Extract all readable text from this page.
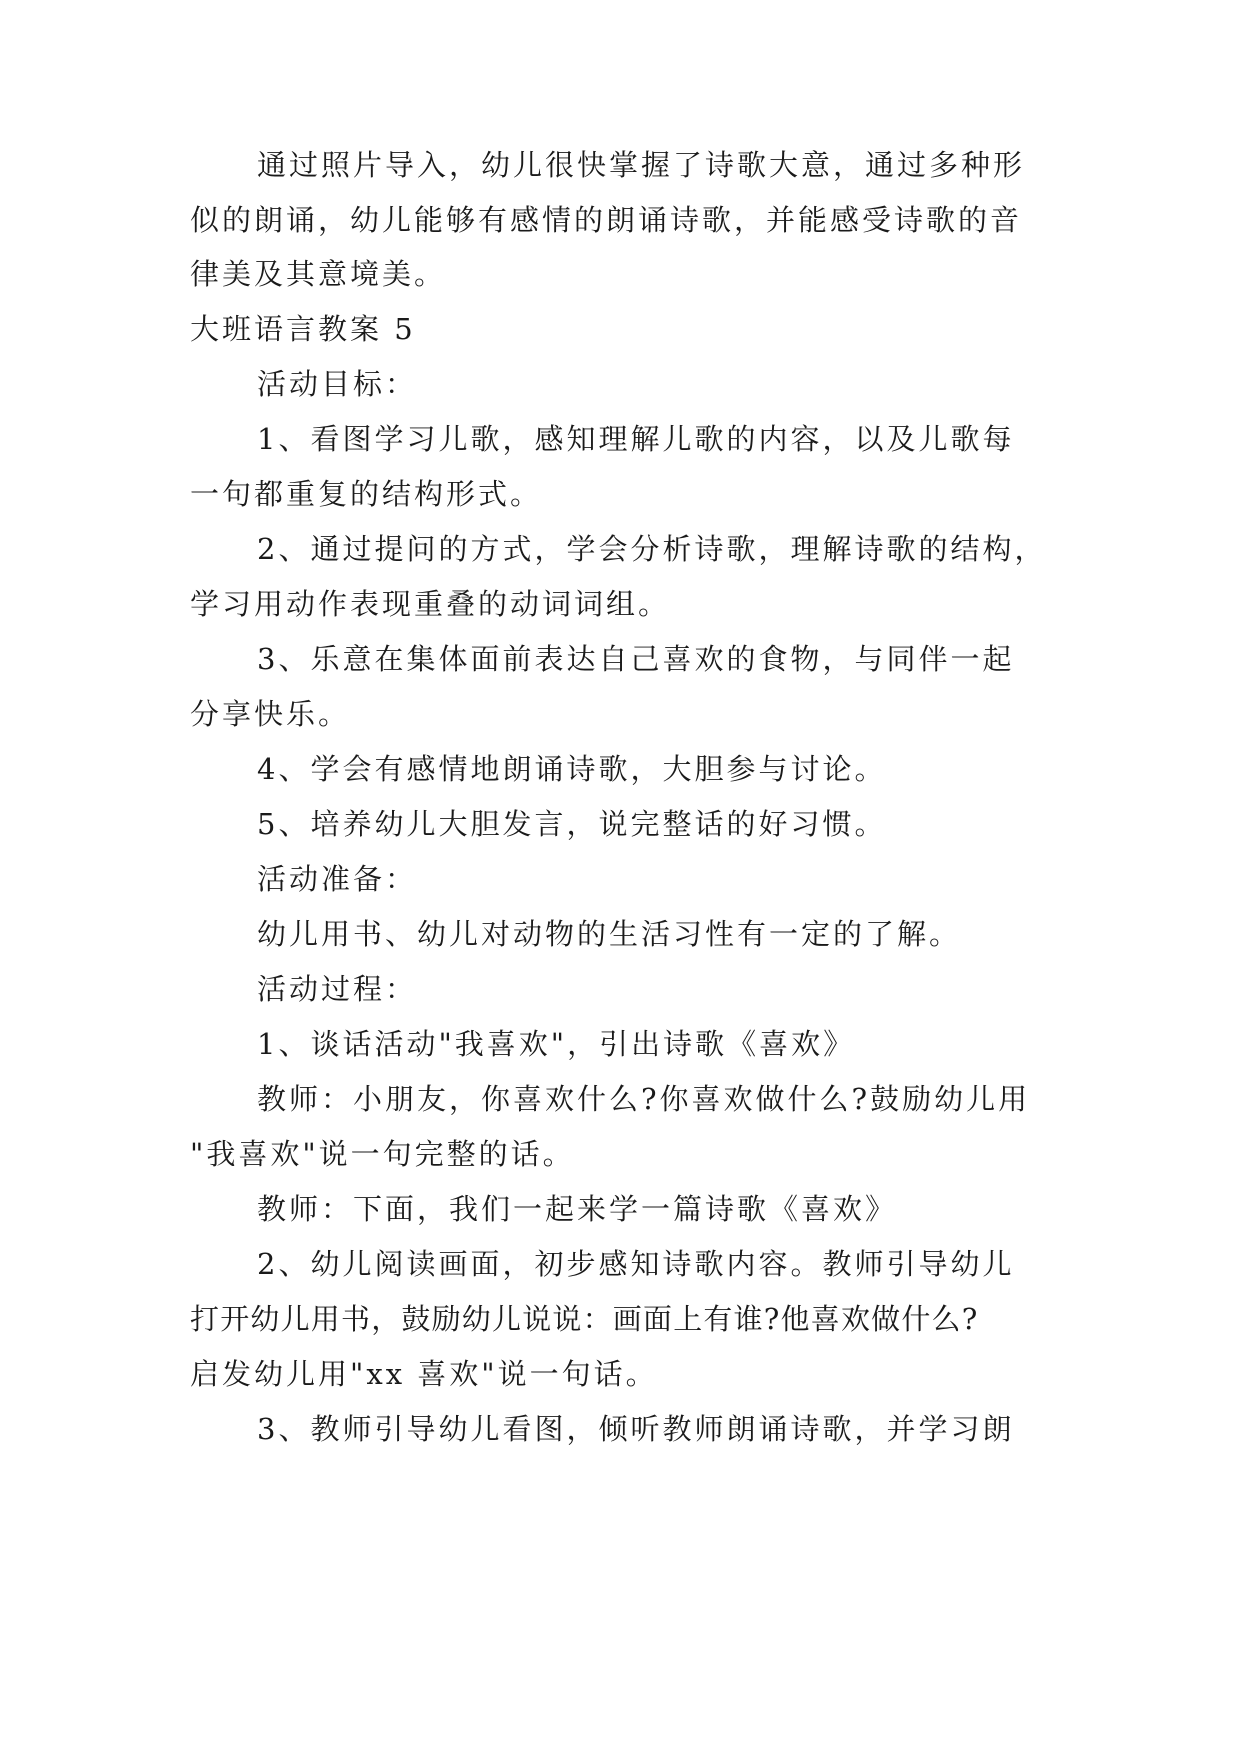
通过照片导入，幼儿很快掌握了诗歌大意，通过多种形
似的朗诵，幼儿能够有感情的朗诵诗歌，并能感受诗歌的音
律美及其意境美。
大班语言教案 5
活动目标：
1、看图学习儿歌，感知理解儿歌的内容，以及儿歌每
一句都重复的结构形式。
2、通过提问的方式，学会分析诗歌，理解诗歌的结构，
学习用动作表现重叠的动词词组。
3、乐意在集体面前表达自己喜欢的食物，与同伴一起
分享快乐。
4、学会有感情地朗诵诗歌，大胆参与讨论。
5、培养幼儿大胆发言，说完整话的好习惯。
活动准备：
幼儿用书、幼儿对动物的生活习性有一定的了解。
活动过程：
1、谈话活动"我喜欢"，引出诗歌《喜欢》
教师：小朋友，你喜欢什么?你喜欢做什么?鼓励幼儿用
"我喜欢"说一句完整的话。
教师：下面，我们一起来学一篇诗歌《喜欢》
2、幼儿阅读画面，初步感知诗歌内容。教师引导幼儿
打开幼儿用书，鼓励幼儿说说：画面上有谁?他喜欢做什么?
启发幼儿用"xx 喜欢"说一句话。
3、教师引导幼儿看图，倾听教师朗诵诗歌，并学习朗
